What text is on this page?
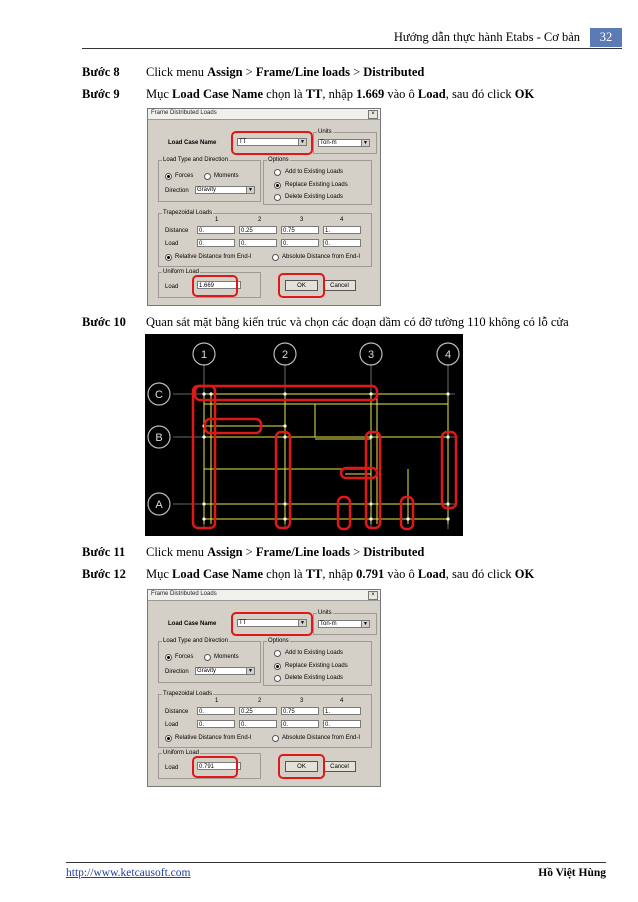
Hướng dẫn thực hành Etabs - Cơ bản	32
Bước 8 Click menu Assign > Frame/Line loads > Distributed
Bước 9 Mục Load Case Name chọn là TT, nhập 1.669 vào ô Load, sau đó click OK
Frame Distributed Loads	×
Load Case Name	TT	▼
Units
Ton-m	▼
Load Type and Direction
Forces	Moments
Direction	Gravity	▼
Options
Add to Existing Loads
Replace Existing Loads
Delete Existing Loads
Trapezoidal Loads
1	2	3	4
Distance	0.	0.25	0.75	1.
Load	0.	0.	0.	0.
Relative Distance from End-I	Absolute Distance from End-I
Uniform Load
Load	1.669	OK	Cancel
Bước 10 Quan sát mặt bằng kiến trúc và chọn các đoạn dầm có đỡ tường 110 không có lỗ cửa
1	2	3	4
C
B
A
Bước 11 Click menu Assign > Frame/Line loads > Distributed
Bước 12 Mục Load Case Name chọn là TT, nhập 0.791 vào ô Load, sau đó click OK
Frame Distributed Loads	×
Load Case Name	TT	▼
Units
Ton-m	▼
Load Type and Direction
Forces	Moments
Direction	Gravity	▼
Options
Add to Existing Loads
Replace Existing Loads
Delete Existing Loads
Trapezoidal Loads
1	2	3	4
Distance	0.	0.25	0.75	1.
Load	0.	0.	0.	0.
Relative Distance from End-I	Absolute Distance from End-I
Uniform Load
Load	0.791	OK	Cancel
http://www.ketcausoft.com	Hồ Việt Hùng
